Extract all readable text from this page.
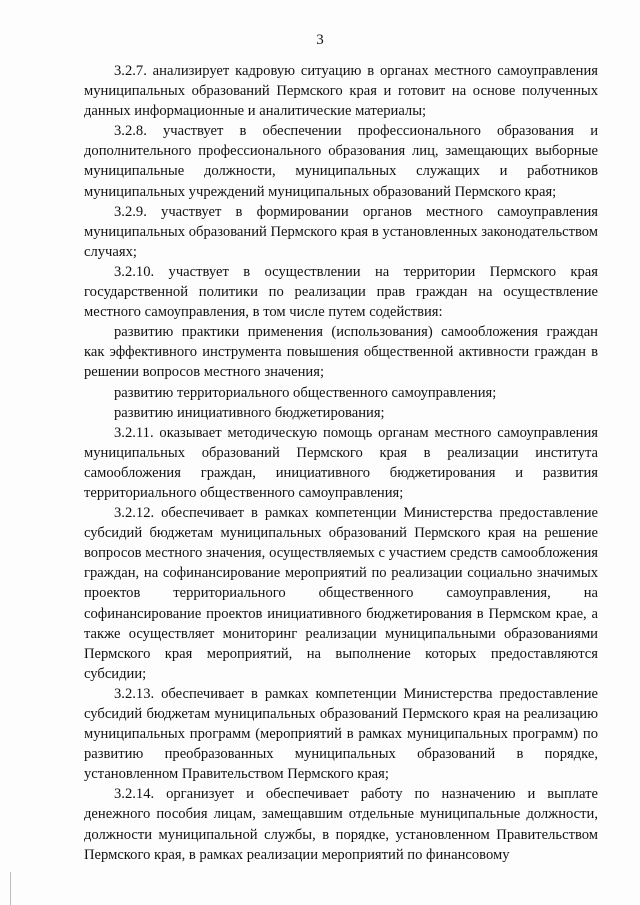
3

3.2.7. анализирует кадровую ситуацию в органах местного самоуправления муниципальных образований Пермского края и готовит на основе полученных данных информационные и аналитические материалы;

3.2.8. участвует в обеспечении профессионального образования и дополнительного профессионального образования лиц, замещающих выборные муниципальные должности, муниципальных служащих и работников муниципальных учреждений муниципальных образований Пермского края;

3.2.9. участвует в формировании органов местного самоуправления муниципальных образований Пермского края в установленных законодательством случаях;

3.2.10. участвует в осуществлении на территории Пермского края государственной политики по реализации прав граждан на осуществление местного самоуправления, в том числе путем содействия:

развитию практики применения (использования) самообложения граждан как эффективного инструмента повышения общественной активности граждан в решении вопросов местного значения;

развитию территориального общественного самоуправления;

развитию инициативного бюджетирования;

3.2.11. оказывает методическую помощь органам местного самоуправления муниципальных образований Пермского края в реализации института самообложения граждан, инициативного бюджетирования и развития территориального общественного самоуправления;

3.2.12. обеспечивает в рамках компетенции Министерства предоставление субсидий бюджетам муниципальных образований Пермского края на решение вопросов местного значения, осуществляемых с участием средств самообложения граждан, на софинансирование мероприятий по реализации социально значимых проектов территориального общественного самоуправления, на софинансирование проектов инициативного бюджетирования в Пермском крае, а также осуществляет мониторинг реализации муниципальными образованиями Пермского края мероприятий, на выполнение которых предоставляются субсидии;

3.2.13. обеспечивает в рамках компетенции Министерства предоставление субсидий бюджетам муниципальных образований Пермского края на реализацию муниципальных программ (мероприятий в рамках муниципальных программ) по развитию преобразованных муниципальных образований в порядке, установленном Правительством Пермского края;

3.2.14. организует и обеспечивает работу по назначению и выплате денежного пособия лицам, замещавшим отдельные муниципальные должности, должности муниципальной службы, в порядке, установленном Правительством Пермского края, в рамках реализации мероприятий по финансовому
